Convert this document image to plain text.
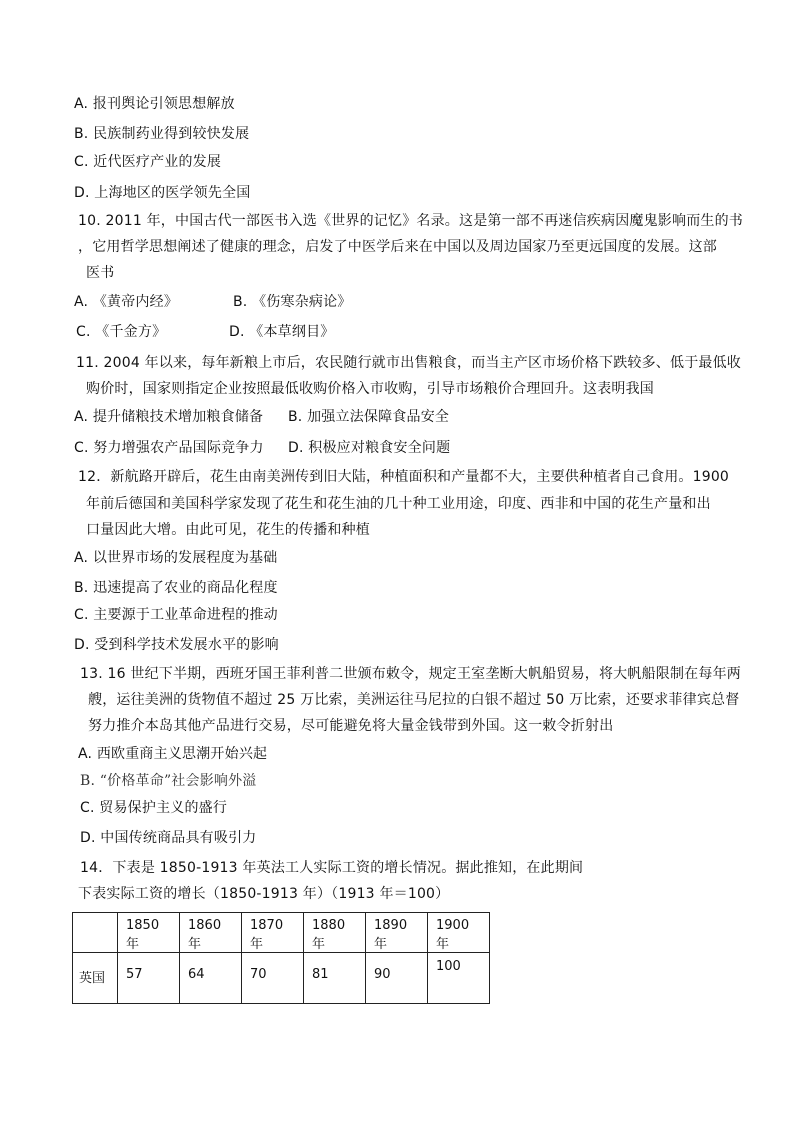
A. 报刊舆论引领思想解放
B. 民族制药业得到较快发展
C. 近代医疗产业的发展
D. 上海地区的医学领先全国
10. 2011 年，中国古代一部医书入选《世界的记忆》名录。这是第一部不再迷信疾病因魔鬼影响而生的书
，它用哲学思想阐述了健康的理念，启发了中医学后来在中国以及周边国家乃至更远国度的发展。这部
医书
A. 《黄帝内经》	B. 《伤寒杂病论》
C. 《千金方》	D. 《本草纲目》
11. 2004 年以来，每年新粮上市后，农民随行就市出售粮食，而当主产区市场价格下跌较多、低于最低收
购价时，国家则指定企业按照最低收购价格入市收购，引导市场粮价合理回升。这表明我国
A. 提升储粮技术增加粮食储备 B. 加强立法保障食品安全
C. 努力增强农产品国际竞争力 D. 积极应对粮食安全问题
12．新航路开辟后，花生由南美洲传到旧大陆，种植面积和产量都不大，主要供种植者自己食用。1900
年前后德国和美国科学家发现了花生和花生油的几十种工业用途，印度、西非和中国的花生产量和出
口量因此大增。由此可见，花生的传播和种植
A. 以世界市场的发展程度为基础
B. 迅速提高了农业的商品化程度
C. 主要源于工业革命进程的推动
D. 受到科学技术发展水平的影响
13. 16 世纪下半期，西班牙国王菲利普二世颁布敕令，规定王室垄断大帆船贸易，将大帆船限制在每年两
艘，运往美洲的货物值不超过 25 万比索，美洲运往马尼拉的白银不超过 50 万比索，还要求菲律宾总督
努力推介本岛其他产品进行交易，尽可能避免将大量金钱带到外国。这一敕令折射出
A. 西欧重商主义思潮开始兴起
B. “价格革命”社会影响外溢
C. 贸易保护主义的盛行
D. 中国传统商品具有吸引力
14．下表是 1850-1913 年英法工人实际工资的增长情况。据此推知，在此期间
下表实际工资的增长（1850-1913 年）（1913 年＝100）

	1850 年	1860 年	1870 年	1880 年	1890 年	1900 年

英国	57	64	70	81	90	100
